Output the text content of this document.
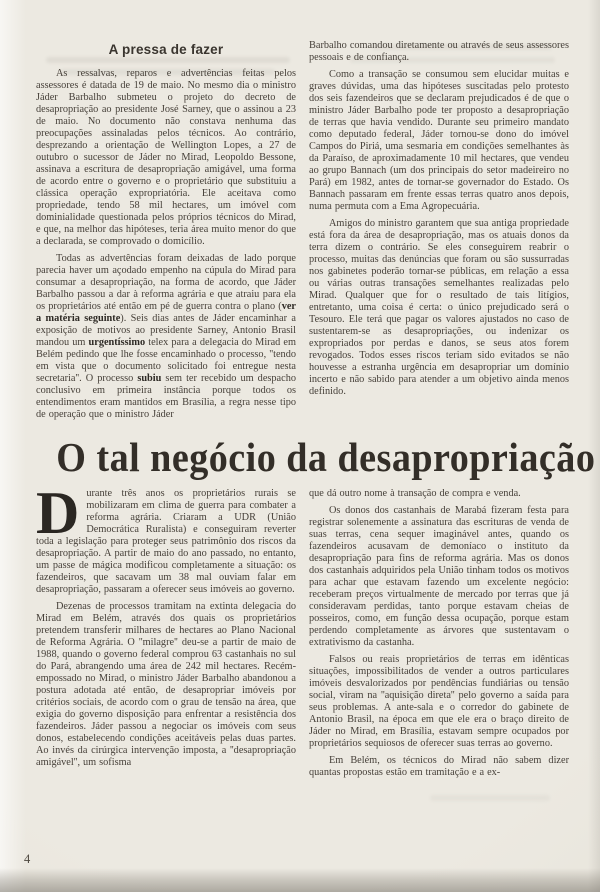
A pressa de fazer

As ressalvas, reparos e advertências feitas pelos assessores é datada de 19 de maio. No mesmo dia o ministro Jáder Barbalho submeteu o projeto do decreto de desapropriação ao presidente José Sarney, que o assinou a 23 de maio. No documento não constava nenhuma das preocupações assinaladas pelos técnicos. Ao contrário, desprezando a orientação de Wellington Lopes, a 27 de outubro o sucessor de Jáder no Mirad, Leopoldo Bessone, assinava a escritura de desapropriação amigável, uma forma de acordo entre o governo e o proprietário que substituiu a clássica operação expropriatória. Ele aceitava como propriedade, tendo 58 mil hectares, um imóvel com dominialidade questionada pelos próprios técnicos do Mirad, e que, na melhor das hipóteses, teria área muito menor do que a declarada, se comprovado o domicílio.

Todas as advertências foram deixadas de lado porque parecia haver um açodado empenho na cúpula do Mirad para consumar a desapropriação, na forma de acordo, que Jáder Barbalho passou a dar à reforma agrária e que atraiu para ela os proprietários até então em pé de guerra contra o plano (ver a matéria seguinte). Seis dias antes de Jáder encaminhar a exposição de motivos ao presidente Sarney, Antonio Brasil mandou um urgentíssimo telex para a delegacia do Mirad em Belém pedindo que lhe fosse encaminhado o processo, ''tendo em vista que o documento solicitado foi entregue nesta secretaria''. O processo subiu sem ter recebido um despacho conclusivo em primeira instância porque todos os entendimentos eram mantidos em Brasília, a regra nesse tipo de operação que o ministro Jáder

Barbalho comandou diretamente ou através de seus assessores pessoais e de confiança.

Como a transação se consumou sem elucidar muitas e graves dúvidas, uma das hipóteses suscitadas pelo protesto dos seis fazendeiros que se declaram prejudicados é de que o ministro Jáder Barbalho pode ter proposto a desapropriação de terras que havia vendido. Durante seu primeiro mandato como deputado federal, Jáder tornou-se dono do imóvel Campos do Piriá, uma sesmaria em condições semelhantes às da Paraíso, de aproximadamente 10 mil hectares, que vendeu ao grupo Bannach (um dos principais do setor madeireiro no Pará) em 1982, antes de tornar-se governador do Estado. Os Bannach passaram em frente essas terras quatro anos depois, numa permuta com a Ema Agropecuária.

Amigos do ministro garantem que sua antiga propriedade está fora da área de desapropriação, mas os atuais donos da terra dizem o contrário. Se eles conseguirem reabrir o processo, muitas das denúncias que foram ou são sussurradas nos gabinetes poderão tornar-se públicas, em relação a essa ou várias outras transações semelhantes realizadas pelo Mirad. Qualquer que for o resultado de tais litígios, entretanto, uma coisa é certa: o único prejudicado será o Tesouro. Ele terá que pagar os valores ajustados no caso de sustentarem-se as desapropriações, ou indenizar os expropriados por perdas e danos, se seus atos forem revogados. Todos esses riscos teriam sido evitados se não houvesse a estranha urgência em desapropriar um domínio incerto e não sabido para atender a um objetivo ainda menos definido.

O tal negócio da desapropriação

Durante três anos os proprietários rurais se mobilizaram em clima de guerra para combater a reforma agrária. Criaram a UDR (União Democrática Ruralista) e conseguiram reverter toda a legislação para proteger seus patrimônio dos riscos da desapropriação. A partir de maio do ano passado, no entanto, um passe de mágica modificou completamente a situação: os fazendeiros, que sacavam um 38 mal ouviam falar em desapropriação, passaram a oferecer seus imóveis ao governo.

Dezenas de processos tramitam na extinta delegacia do Mirad em Belém, através dos quais os proprietários pretendem transferir milhares de hectares ao Plano Nacional de Reforma Agrária. O ''milagre'' deu-se a partir de maio de 1988, quando o governo federal comprou 63 castanhais no sul do Pará, abrangendo uma área de 242 mil hectares. Recém-empossado no Mirad, o ministro Jáder Barbalho abandonou a postura adotada até então, de desapropriar imóveis por critérios sociais, de acordo com o grau de tensão na área, que exigia do governo disposição para enfrentar a resistência dos fazendeiros. Jáder passou a negociar os imóveis com seus donos, estabelecendo condições aceitáveis pelas duas partes. Ao invés da cirúrgica intervenção imposta, a ''desapropriação amigável'', um sofisma

que dá outro nome à transação de compra e venda.

Os donos dos castanhais de Marabá fizeram festa para registrar solenemente a assinatura das escrituras de venda de suas terras, cena sequer imaginável antes, quando os fazendeiros acusavam de demoníaco o instituto da desapropriação para fins de reforma agrária. Mas os donos dos castanhais adquiridos pela União tinham todos os motivos para achar que estavam fazendo um excelente negócio: receberam preços virtualmente de mercado por terras que já consideravam perdidas, tanto porque estavam cheias de posseiros, como, em função dessa ocupação, porque estam perdendo completamente as árvores que sustentavam o extrativismo da castanha.

Falsos ou reais proprietários de terras em idênticas situações, impossibilitados de vender a outros particulares imóveis desvalorizados por pendências fundiárias ou tensão social, viram na ''aquisição direta'' pelo governo a saída para seus problemas. A ante-sala e o corredor do gabinete de Antonio Brasil, na época em que ele era o braço direito de Jáder no Mirad, em Brasília, estavam sempre ocupados por proprietários sequiosos de oferecer suas terras ao governo.

Em Belém, os técnicos do Mirad não sabem dizer quantas propostas estão em tramitação e a ex-

4
